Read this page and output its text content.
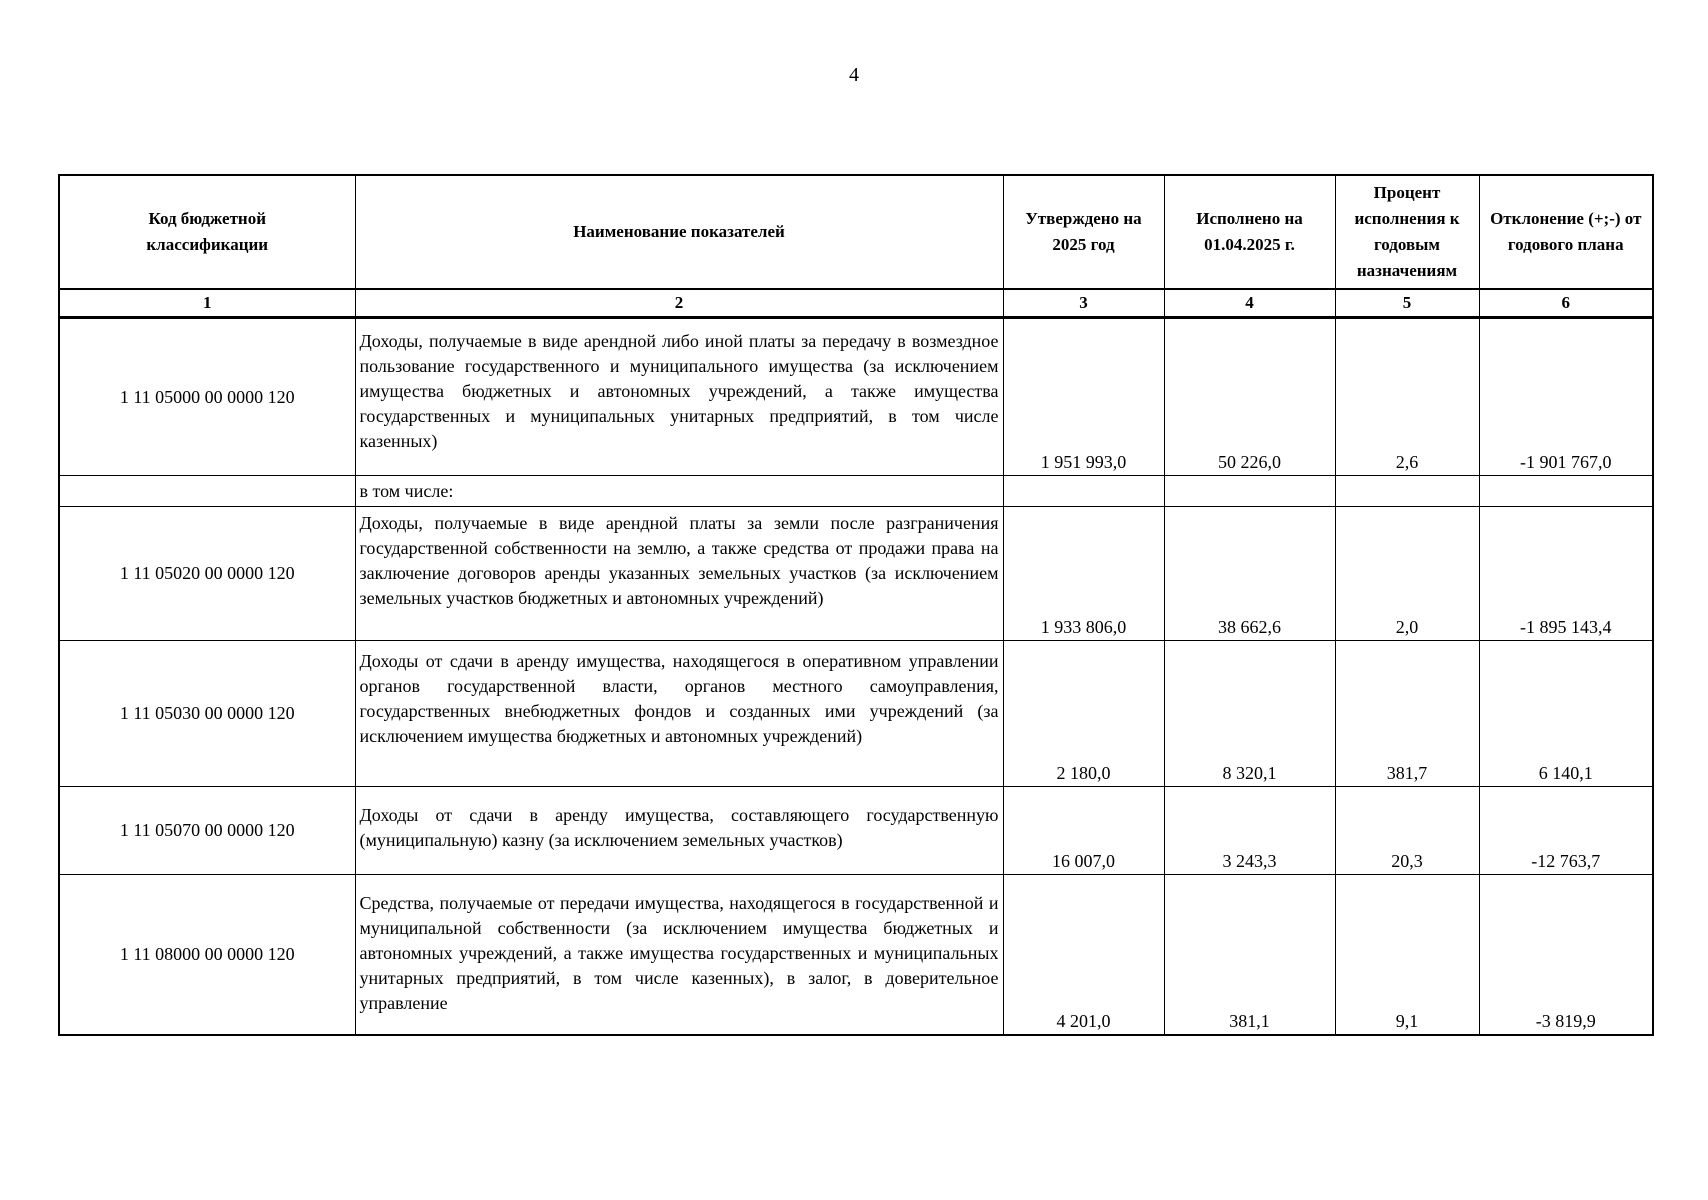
4
Код бюджетной классификации	Наименование показателей	Утверждено на 2025 год	Исполнено на 01.04.2025 г.	Процент исполнения к годовым назначениям	Отклонение (+;-) от годового плана
1	2	3	4	5	6
1 11 05000 00 0000 120	Доходы, получаемые в виде арендной либо иной платы за передачу в возмездное пользование государственного и муниципального имущества (за исключением имущества бюджетных и автономных учреждений, а также имущества государственных и муниципальных унитарных предприятий, в том числе казенных)	1 951 993,0	50 226,0	2,6	-1 901 767,0
	в том числе:				
1 11 05020 00 0000 120	Доходы, получаемые в виде арендной платы за земли после разграничения государственной собственности на землю, а также средства от продажи права на заключение договоров аренды указанных земельных участков (за исключением земельных участков бюджетных и автономных учреждений)	1 933 806,0	38 662,6	2,0	-1 895 143,4
1 11 05030 00 0000 120	Доходы от сдачи в аренду имущества, находящегося в оперативном управлении органов государственной власти, органов местного самоуправления, государственных внебюджетных фондов и созданных ими учреждений (за исключением имущества бюджетных и автономных учреждений)	2 180,0	8 320,1	381,7	6 140,1
1 11 05070 00 0000 120	Доходы от сдачи в аренду имущества, составляющего государственную (муниципальную) казну (за исключением земельных участков)	16 007,0	3 243,3	20,3	-12 763,7
1 11 08000 00 0000 120	Средства, получаемые от передачи имущества, находящегося в государственной и муниципальной собственности (за исключением имущества бюджетных и автономных учреждений, а также имущества государственных и муниципальных унитарных предприятий, в том числе казенных), в залог, в доверительное управление	4 201,0	381,1	9,1	-3 819,9
